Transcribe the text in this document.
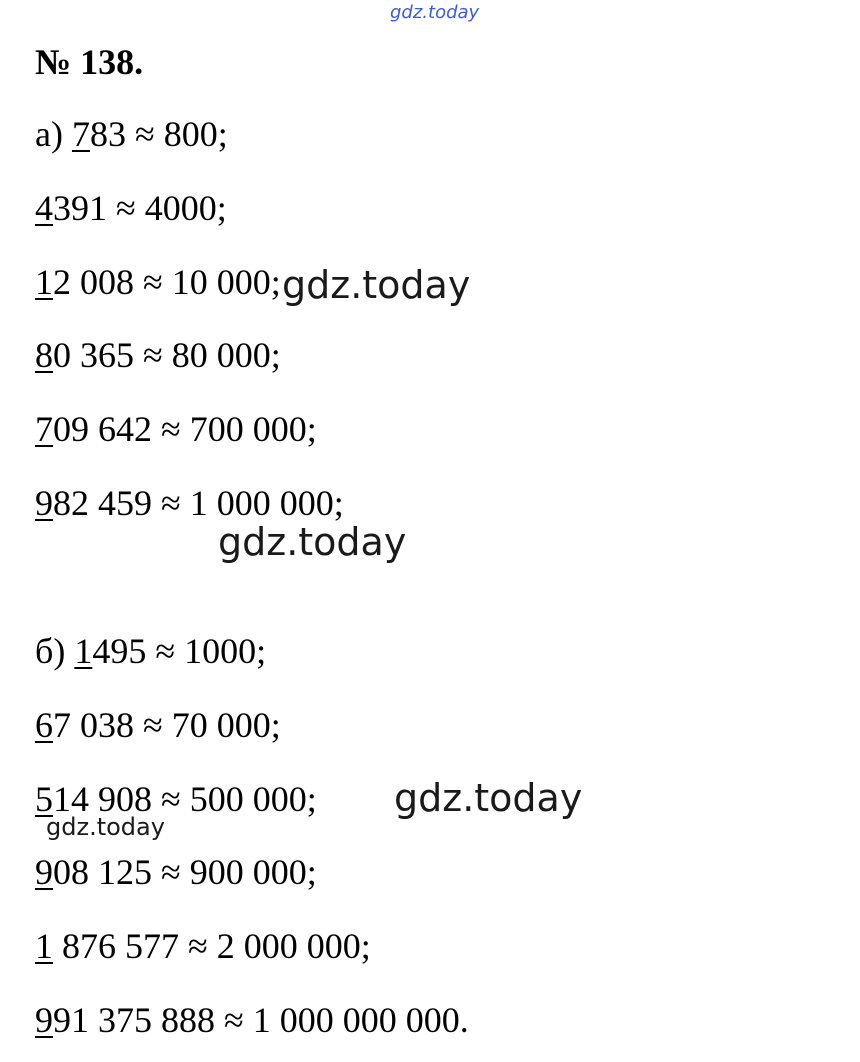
gdz.today
№ 138.
а) 783 ≈ 800;
4391 ≈ 4000;
12 008 ≈ 10 000;
80 365 ≈ 80 000;
709 642 ≈ 700 000;
982 459 ≈ 1 000 000;
б) 1495 ≈ 1000;
67 038 ≈ 70 000;
514 908 ≈ 500 000;
908 125 ≈ 900 000;
1 876 577 ≈ 2 000 000;
991 375 888 ≈ 1 000 000 000.
gdz.today
gdz.today
gdz.today
gdz.today
